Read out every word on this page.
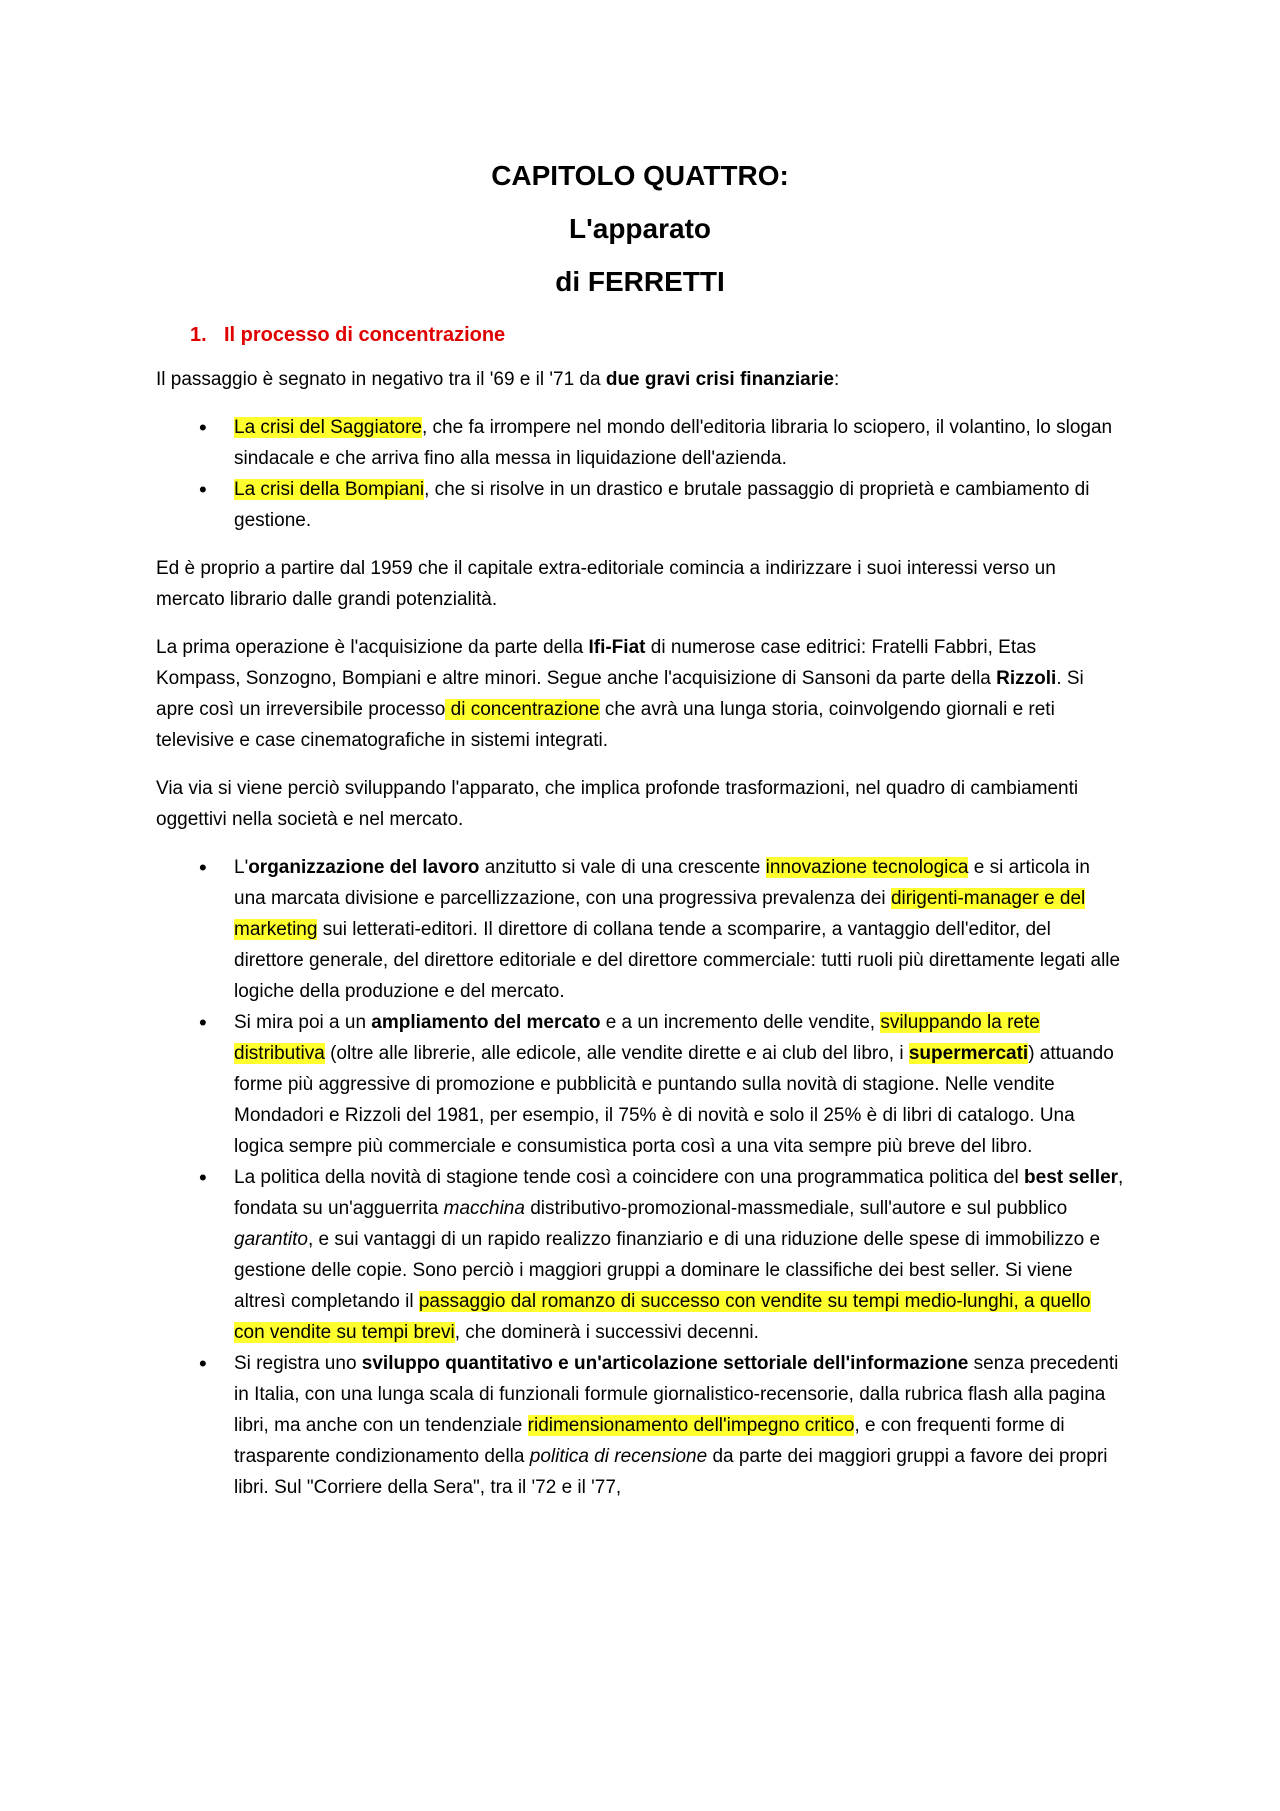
CAPITOLO QUATTRO:
L'apparato
di FERRETTI
1. Il processo di concentrazione

Il passaggio è segnato in negativo tra il '69 e il '71 da due gravi crisi finanziarie:

• La crisi del Saggiatore, che fa irrompere nel mondo dell'editoria libraria lo sciopero, il volantino, lo slogan sindacale e che arriva fino alla messa in liquidazione dell'azienda.
• La crisi della Bompiani, che si risolve in un drastico e brutale passaggio di proprietà e cambiamento di gestione.

Ed è proprio a partire dal 1959 che il capitale extra-editoriale comincia a indirizzare i suoi interessi verso un mercato librario dalle grandi potenzialità.

La prima operazione è l'acquisizione da parte della Ifi-Fiat di numerose case editrici: Fratelli Fabbri, Etas Kompass, Sonzogno, Bompiani e altre minori. Segue anche l'acquisizione di Sansoni da parte della Rizzoli. Si apre così un irreversibile processo di concentrazione che avrà una lunga storia, coinvolgendo giornali e reti televisive e case cinematografiche in sistemi integrati.

Via via si viene perciò sviluppando l'apparato, che implica profonde trasformazioni, nel quadro di cambiamenti oggettivi nella società e nel mercato.

• L'organizzazione del lavoro anzitutto si vale di una crescente innovazione tecnologica e si articola in una marcata divisione e parcellizzazione, con una progressiva prevalenza dei dirigenti-manager e del marketing sui letterati-editori. Il direttore di collana tende a scomparire, a vantaggio dell'editor, del direttore generale, del direttore editoriale e del direttore commerciale: tutti ruoli più direttamente legati alle logiche della produzione e del mercato.
• Si mira poi a un ampliamento del mercato e a un incremento delle vendite, sviluppando la rete distributiva (oltre alle librerie, alle edicole, alle vendite dirette e ai club del libro, i supermercati) attuando forme più aggressive di promozione e pubblicità e puntando sulla novità di stagione. Nelle vendite Mondadori e Rizzoli del 1981, per esempio, il 75% è di novità e solo il 25% è di libri di catalogo. Una logica sempre più commerciale e consumistica porta così a una vita sempre più breve del libro.
• La politica della novità di stagione tende così a coincidere con una programmatica politica del best seller, fondata su un'agguerrita macchina distributivo-promozional-massmediale, sull'autore e sul pubblico garantito, e sui vantaggi di un rapido realizzo finanziario e di una riduzione delle spese di immobilizzo e gestione delle copie. Sono perciò i maggiori gruppi a dominare le classifiche dei best seller. Si viene altresì completando il passaggio dal romanzo di successo con vendite su tempi medio-lunghi, a quello con vendite su tempi brevi, che dominerà i successivi decenni.
• Si registra uno sviluppo quantitativo e un'articolazione settoriale dell'informazione senza precedenti in Italia, con una lunga scala di funzionali formule giornalistico-recensorie, dalla rubrica flash alla pagina libri, ma anche con un tendenziale ridimensionamento dell'impegno critico, e con frequenti forme di trasparente condizionamento della politica di recensione da parte dei maggiori gruppi a favore dei propri libri. Sul "Corriere della Sera", tra il '72 e il '77,
